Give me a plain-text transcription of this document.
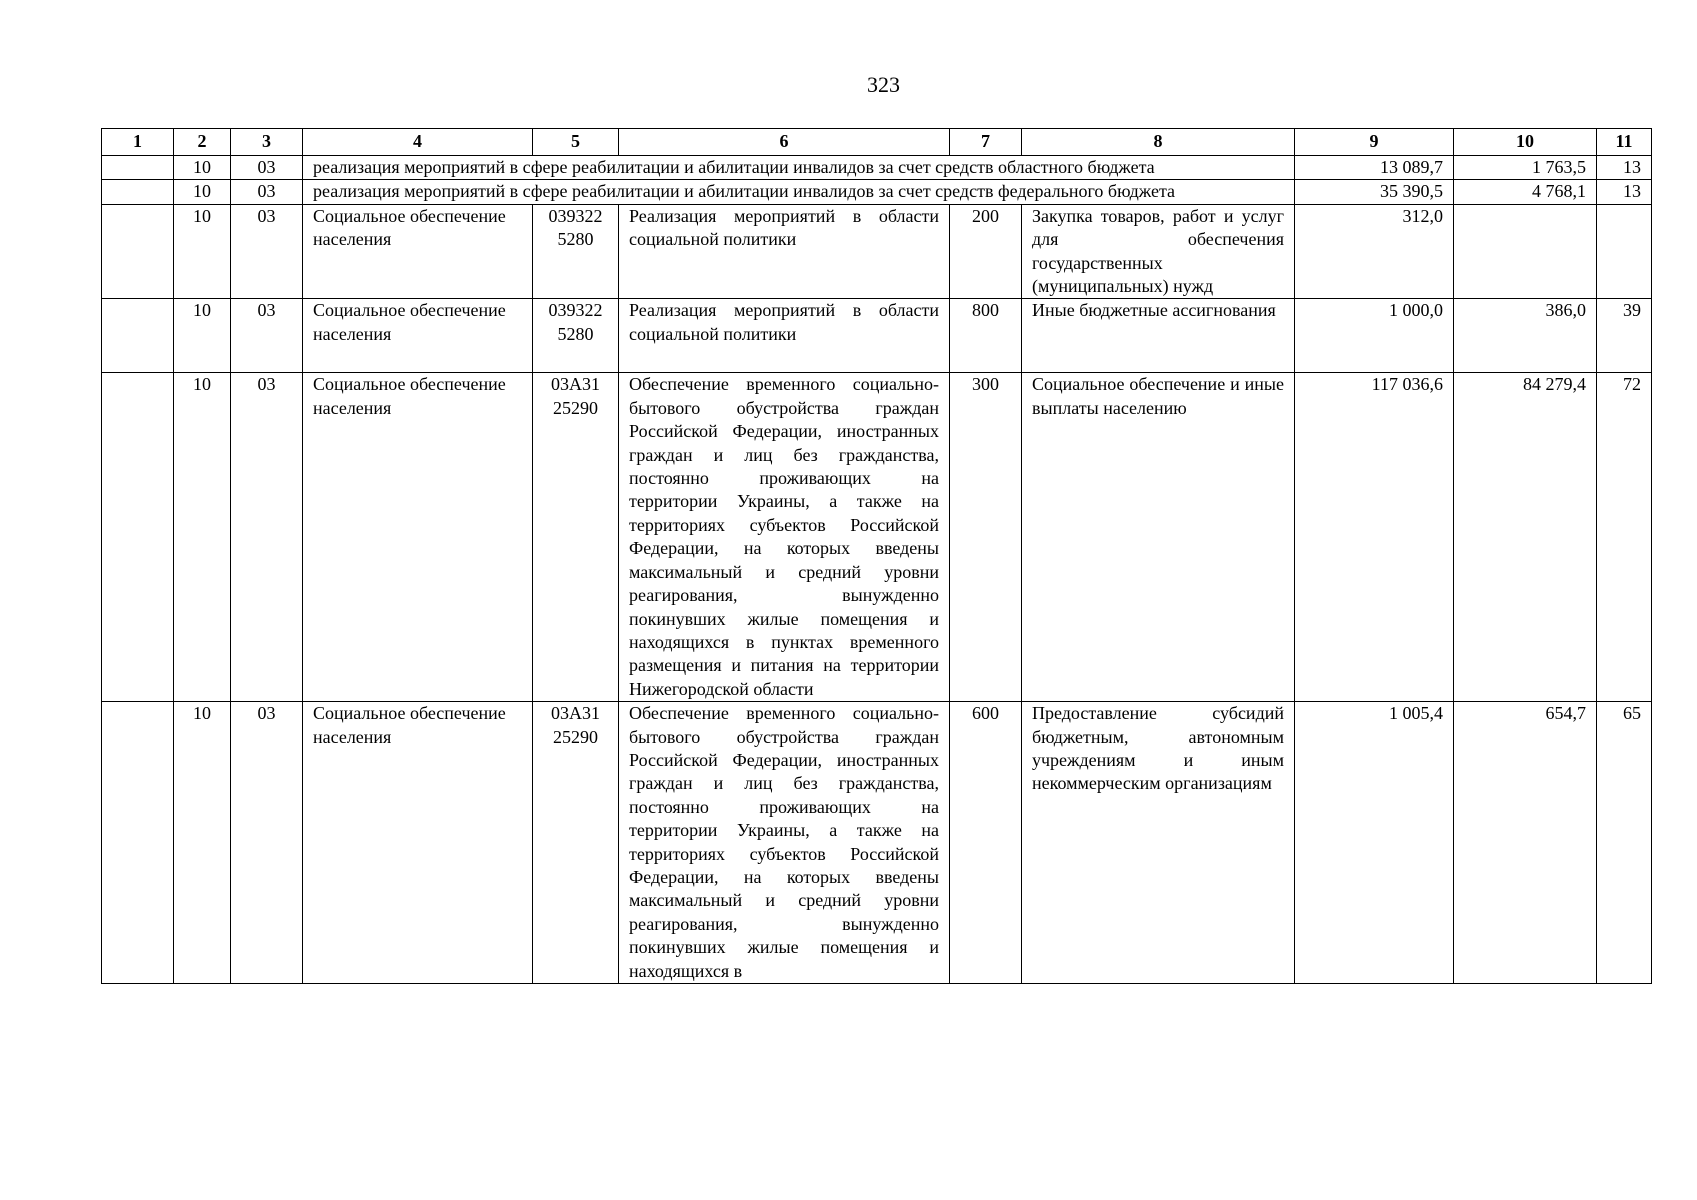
323
1	2	3	4	5	6	7	8	9	10	11
	10	03	реализация мероприятий в сфере реабилитации и абилитации инвалидов за счет средств областного бюджета					13 089,7	1 763,5	13
	10	03	реализация мероприятий в сфере реабилитации и абилитации инвалидов за счет средств федерального бюджета					35 390,5	4 768,1	13
	10	03	Социальное обеспечение населения	039322 5280	Реализация мероприятий в области социальной политики	200	Закупка товаров, работ и услуг для обеспечения государственных (муниципальных) нужд	312,0		
	10	03	Социальное обеспечение населения	039322 5280	Реализация мероприятий в области социальной политики	800	Иные бюджетные ассигнования	1 000,0	386,0	39
	10	03	Социальное обеспечение населения	03А31 25290	Обеспечение временного социально-бытового обустройства граждан Российской Федерации, иностранных граждан и лиц без гражданства, постоянно проживающих на территории Украины, а также на территориях субъектов Российской Федерации, на которых введены максимальный и средний уровни реагирования, вынужденно покинувших жилые помещения и находящихся в пунктах временного размещения и питания на территории Нижегородской области	300	Социальное обеспечение и иные выплаты населению	117 036,6	84 279,4	72
	10	03	Социальное обеспечение населения	03А31 25290	Обеспечение временного социально-бытового обустройства граждан Российской Федерации, иностранных граждан и лиц без гражданства, постоянно проживающих на территории Украины, а также на территориях субъектов Российской Федерации, на которых введены максимальный и средний уровни реагирования, вынужденно покинувших жилые помещения и находящихся в	600	Предоставление субсидий бюджетным, автономным учреждениям и иным некоммерческим организациям	1 005,4	654,7	65
